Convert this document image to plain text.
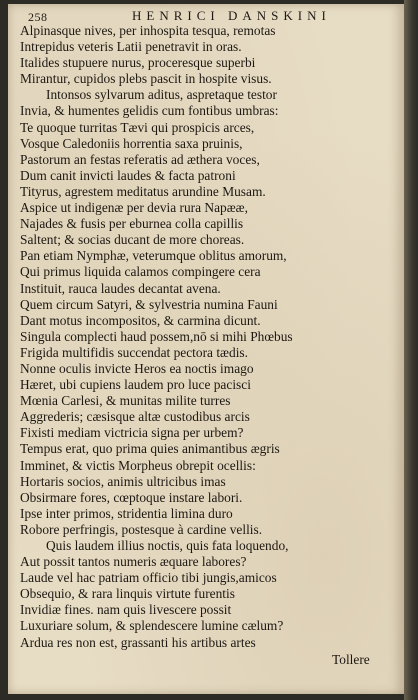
258	HENRICI DANSKINI
Alpinasque nives, per inhospita tesqua, remotas
Intrepidus veteris Latii penetravit in oras.
Italides stupuere nurus, proceresque superbi
Mirantur, cupidos plebs pascit in hospite visus.
Intonsos sylvarum aditus, aspretaque testor
Invia, & humentes gelidis cum fontibus umbras:
Te quoque turritas Tævi qui prospicis arces,
Vosque Caledoniis horrentia saxa pruinis,
Pastorum an festas referatis ad æthera voces,
Dum canit invicti laudes & facta patroni
Tityrus, agrestem meditatus arundine Musam.
Aspice ut indigenæ per devia rura Napææ,
Najades & fusis per eburnea colla capillis
Saltent; & socias ducant de more choreas.
Pan etiam Nymphæ, veterumque oblitus amorum,
Qui primus liquida calamos compingere cera
Instituit, rauca laudes decantat avena.
Quem circum Satyri, & sylvestria numina Fauni
Dant motus incompositos, & carmina dicunt.
Singula complecti haud possem,nō si mihi Phœbus
Frigida multifidis succendat pectora tædis.
Nonne oculis invicte Heros ea noctis imago
Hæret, ubi cupiens laudem pro luce pacisci
Mœnia Carlesi, & munitas milite turres
Aggrederis; cæsisque altæ custodibus arcis
Fixisti mediam victricia signa per urbem?
Tempus erat, quo prima quies animantibus ægris
Imminet, & victis Morpheus obrepit ocellis:
Hortaris socios, animis ultricibus imas
Obsirmare fores, cœptoque instare labori.
Ipse inter primos, stridentia limina duro
Robore perfringis, postesque à cardine vellis.
Quis laudem illius noctis, quis fata loquendo,
Aut possit tantos numeris æquare labores?
Laude vel hac patriam officio tibi jungis,amicos
Obsequio, & rara linquis virtute furentis
Invidiæ fines. nam quis livescere possit
Luxuriare solum, & splendescere lumine cælum?
Ardua res non est, grassanti his artibus artes
Tollere
